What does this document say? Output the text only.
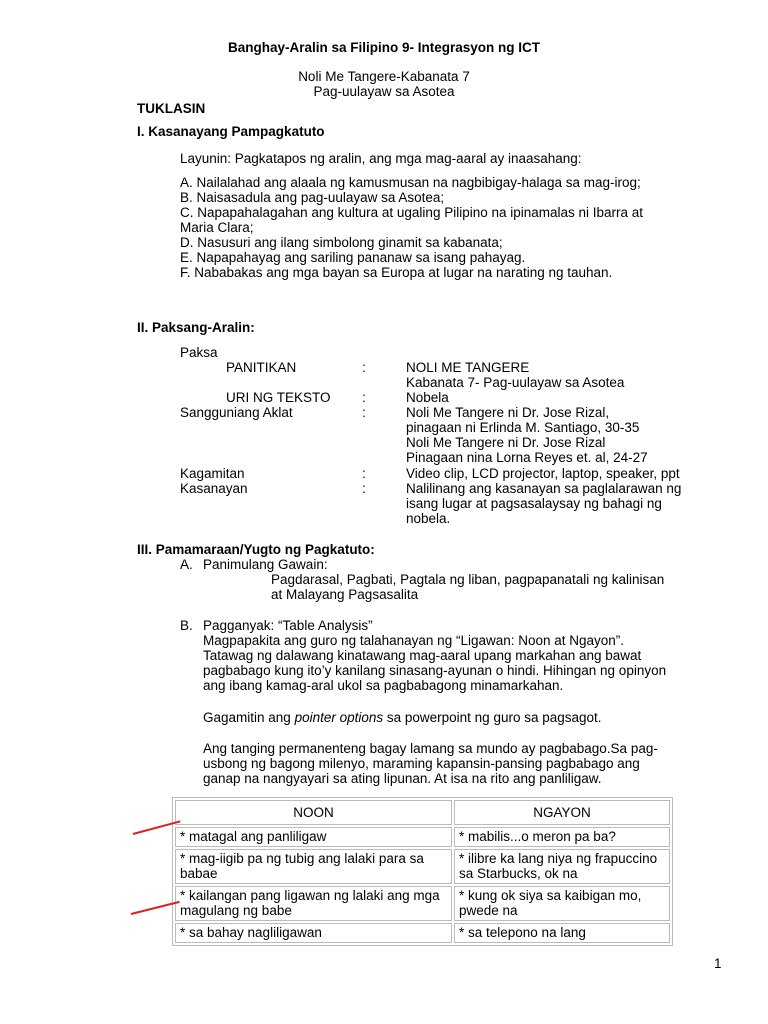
Banghay-Aralin sa Filipino 9- Integrasyon ng ICT
Noli Me Tangere-Kabanata 7
Pag-uulayaw sa Asotea
TUKLASIN
I. Kasanayang Pampagkatuto
Layunin: Pagkatapos ng aralin, ang mga mag-aaral ay inaasahang:
A. Nailalahad ang alaala ng kamusmusan na nagbibigay-halaga sa mag-irog;
B. Naisasadula ang pag-uulayaw sa Asotea;
C. Napapahalagahan ang kultura at ugaling Pilipino na ipinamalas ni Ibarra at
Maria Clara;
D. Nasusuri ang ilang simbolong ginamit sa kabanata;
E. Napapahayag ang sariling pananaw sa isang pahayag.
F. Nababakas ang mga bayan sa Europa at lugar na narating ng tauhan.
II. Paksang-Aralin:
Paksa
PANITIKAN	:	NOLI ME TANGERE
Kabanata 7- Pag-uulayaw sa Asotea
URI NG TEKSTO :	Nobela
Sangguniang Aklat	:	Noli Me Tangere ni Dr. Jose Rizal,
pinagaan ni Erlinda M. Santiago, 30-35
Noli Me Tangere ni Dr. Jose Rizal
Pinagaan nina Lorna Reyes et. al, 24-27
Kagamitan	:	Video clip, LCD projector, laptop, speaker, ppt
Kasanayan	:	Nalilinang ang kasanayan sa paglalarawan ng
isang lugar at pagsasalaysay ng bahagi ng
nobela.
III. Pamamaraan/Yugto ng Pagkatuto:
A. Panimulang Gawain:
Pagdarasal, Pagbati, Pagtala ng liban, pagpapanatali ng kalinisan
at Malayang Pagsasalita
B. Pagganyak: “Table Analysis”
Magpapakita ang guro ng talahanayan ng “Ligawan: Noon at Ngayon”.
Tatawag ng dalawang kinatawang mag-aaral upang markahan ang bawat
pagbabago kung ito’y kanilang sinasang-ayunan o hindi. Hihingan ng opinyon
ang ibang kamag-aral ukol sa pagbabagong minamarkahan.
Gagamitin ang pointer options sa powerpoint ng guro sa pagsagot.
Ang tanging permanenteng bagay lamang sa mundo ay pagbabago.Sa pag-
usbong ng bagong milenyo, maraming kapansin-pansing pagbabago ang
ganap na nangyayari sa ating lipunan. At isa na rito ang panliligaw.
NOON	NGAYON
* matagal ang panliligaw	* mabilis...o meron pa ba?
* mag-iigib pa ng tubig ang lalaki para sa babae	* ilibre ka lang niya ng frapuccino sa Starbucks, ok na
* kailangan pang ligawan ng lalaki ang mga magulang ng babe	* kung ok siya sa kaibigan mo, pwede na
* sa bahay nagliligawan	* sa telepono na lang
1
